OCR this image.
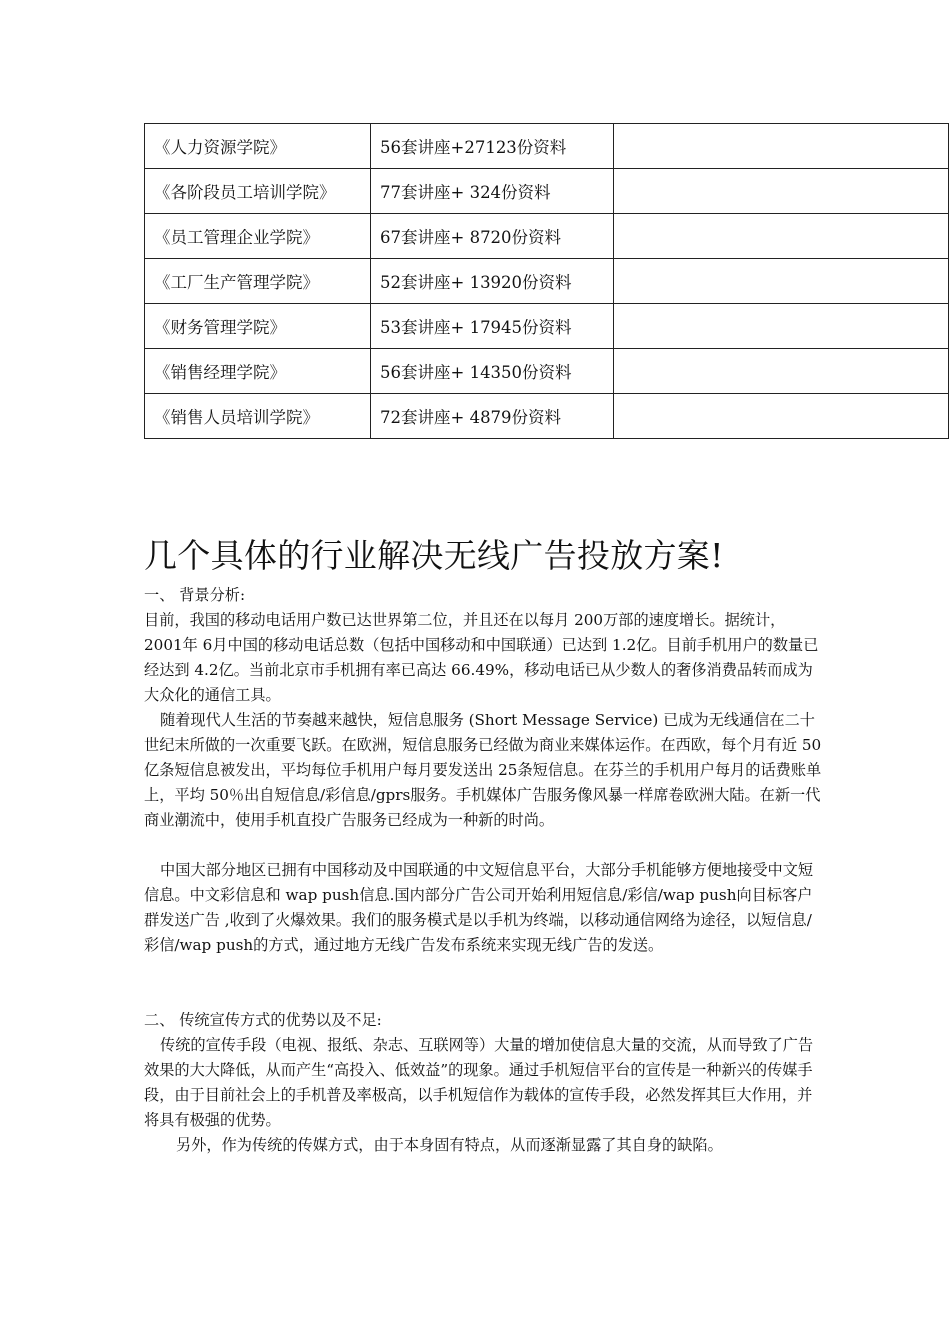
《人力资源学院》	56套讲座+27123份资料	
《各阶段员工培训学院》	77套讲座+ 324份资料	
《员工管理企业学院》	67套讲座+ 8720份资料	
《工厂生产管理学院》	52套讲座+ 13920份资料	
《财务管理学院》	53套讲座+ 17945份资料	
《销售经理学院》	56套讲座+ 14350份资料	
《销售人员培训学院》	72套讲座+ 4879份资料	
几个具体的行业解决无线广告投放方案!

一、 背景分析:

目前，我国的移动电话用户数已达世界第二位，并且还在以每月 200万部的速度增长。据统计， 2001年 6月中国的移动电话总数（包括中国移动和中国联通）已达到 1.2亿。目前手机用户的数量已经达到 4.2亿。当前北京市手机拥有率已高达 66.49%，移动电话已从少数人的奢侈消费品转而成为大众化的通信工具。

随着现代人生活的节奏越来越快，短信息服务 (Short Message Service) 已成为无线通信在二十世纪末所做的一次重要飞跃。在欧洲，短信息服务已经做为商业来媒体运作。在西欧，每个月有近 50亿条短信息被发出，平均每位手机用户每月要发送出 25条短信息。在芬兰的手机用户每月的话费账单上，平均 50％出自短信息/彩信息/gprs服务。手机媒体广告服务像风暴一样席卷欧洲大陆。在新一代商业潮流中，使用手机直投广告服务已经成为一种新的时尚。

中国大部分地区已拥有中国移动及中国联通的中文短信息平台，大部分手机能够方便地接受中文短信息。中文彩信息和 wap push信息.国内部分广告公司开始利用短信息/彩信/wap push向目标客户群发送广告 ,收到了火爆效果。我们的服务模式是以手机为终端，以移动通信网络为途径，以短信息/彩信/wap push的方式，通过地方无线广告发布系统来实现无线广告的发送。

二、 传统宣传方式的优势以及不足:

传统的宣传手段（电视、报纸、杂志、互联网等）大量的增加使信息大量的交流，从而导致了广告效果的大大降低，从而产生“高投入、低效益”的现象。通过手机短信平台的宣传是一种新兴的传媒手段，由于目前社会上的手机普及率极高，以手机短信作为载体的宣传手段，必然发挥其巨大作用，并将具有极强的优势。

另外，作为传统的传媒方式，由于本身固有特点，从而逐渐显露了其自身的缺陷。
